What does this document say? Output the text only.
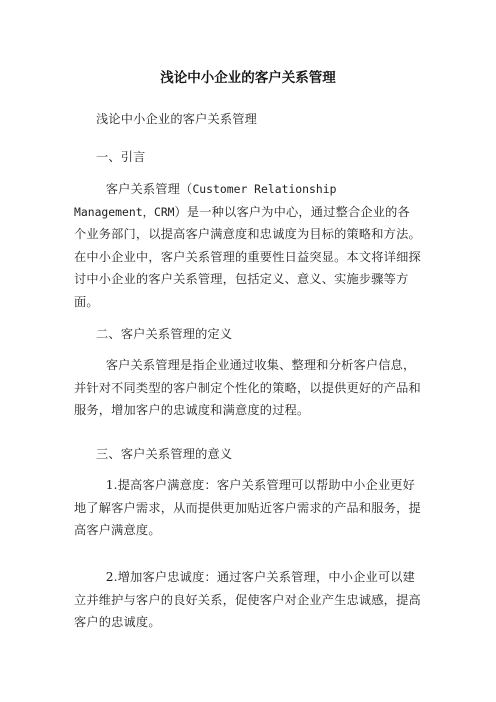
浅论中小企业的客户关系管理
浅论中小企业的客户关系管理
一、引言
客户关系管理（Customer Relationship Management，CRM）是一种以客户为中心，通过整合企业的各个业务部门，以提高客户满意度和忠诚度为目标的策略和方法。在中小企业中，客户关系管理的重要性日益突显。本文将详细探讨中小企业的客户关系管理，包括定义、意义、实施步骤等方面。
二、客户关系管理的定义
客户关系管理是指企业通过收集、整理和分析客户信息，并针对不同类型的客户制定个性化的策略，以提供更好的产品和服务，增加客户的忠诚度和满意度的过程。
三、客户关系管理的意义
1.提高客户满意度：客户关系管理可以帮助中小企业更好地了解客户需求，从而提供更加贴近客户需求的产品和服务，提高客户满意度。
2.增加客户忠诚度：通过客户关系管理，中小企业可以建立并维护与客户的良好关系，促使客户对企业产生忠诚感，提高客户的忠诚度。
